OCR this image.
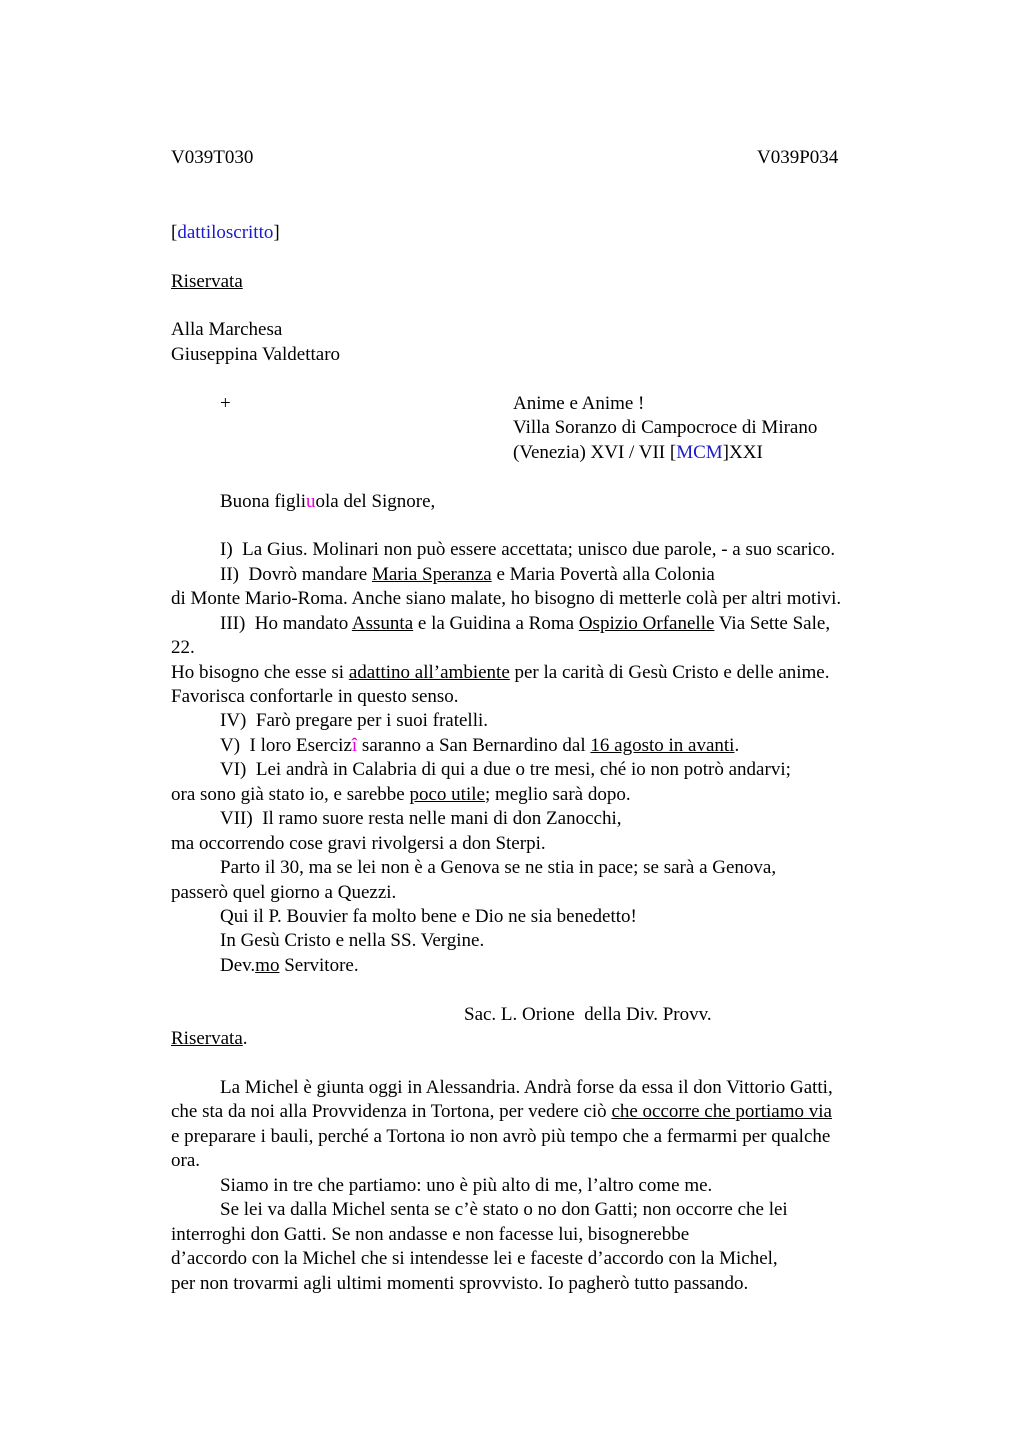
V039T030	V039P034
[dattiloscritto]
Riservata
Alla Marchesa
Giuseppina Valdettaro
+	Anime e Anime !
Villa Soranzo di Campocroce di Mirano
(Venezia) XVI / VII [MCM]XXI
Buona figliuola del Signore,
I)  La Gius. Molinari non può essere accettata; unisco due parole, - a suo scarico.
II)  Dovrò mandare Maria Speranza e Maria Povertà alla Colonia
di Monte Mario-Roma. Anche siano malate, ho bisogno di metterle colà per altri motivi.
III)  Ho mandato Assunta e la Guidina a Roma Ospizio Orfanelle Via Sette Sale,
22.
Ho bisogno che esse si adattino all’ambiente per la carità di Gesù Cristo e delle anime.
Favorisca confortarle in questo senso.
IV)  Farò pregare per i suoi fratelli.
V)  I loro Esercizî saranno a San Bernardino dal 16 agosto in avanti.
VI)  Lei andrà in Calabria di qui a due o tre mesi, ché io non potrò andarvi;
ora sono già stato io, e sarebbe poco utile; meglio sarà dopo.
VII)  Il ramo suore resta nelle mani di don Zanocchi,
ma occorrendo cose gravi rivolgersi a don Sterpi.
Parto il 30, ma se lei non è a Genova se ne stia in pace; se sarà a Genova,
passerò quel giorno a Quezzi.
Qui il P. Bouvier fa molto bene e Dio ne sia benedetto!
In Gesù Cristo e nella SS. Vergine.
Dev.mo Servitore.
Sac. L. Orione  della Div. Provv.
Riservata.
La Michel è giunta oggi in Alessandria. Andrà forse da essa il don Vittorio Gatti,
che sta da noi alla Provvidenza in Tortona, per vedere ciò che occorre che portiamo via
e preparare i bauli, perché a Tortona io non avrò più tempo che a fermarmi per qualche
ora.
Siamo in tre che partiamo: uno è più alto di me, l’altro come me.
Se lei va dalla Michel senta se c’è stato o no don Gatti; non occorre che lei
interroghi don Gatti. Se non andasse e non facesse lui, bisognerebbe
d’accordo con la Michel che si intendesse lei e faceste d’accordo con la Michel,
per non trovarmi agli ultimi momenti sprovvisto. Io pagherò tutto passando.
